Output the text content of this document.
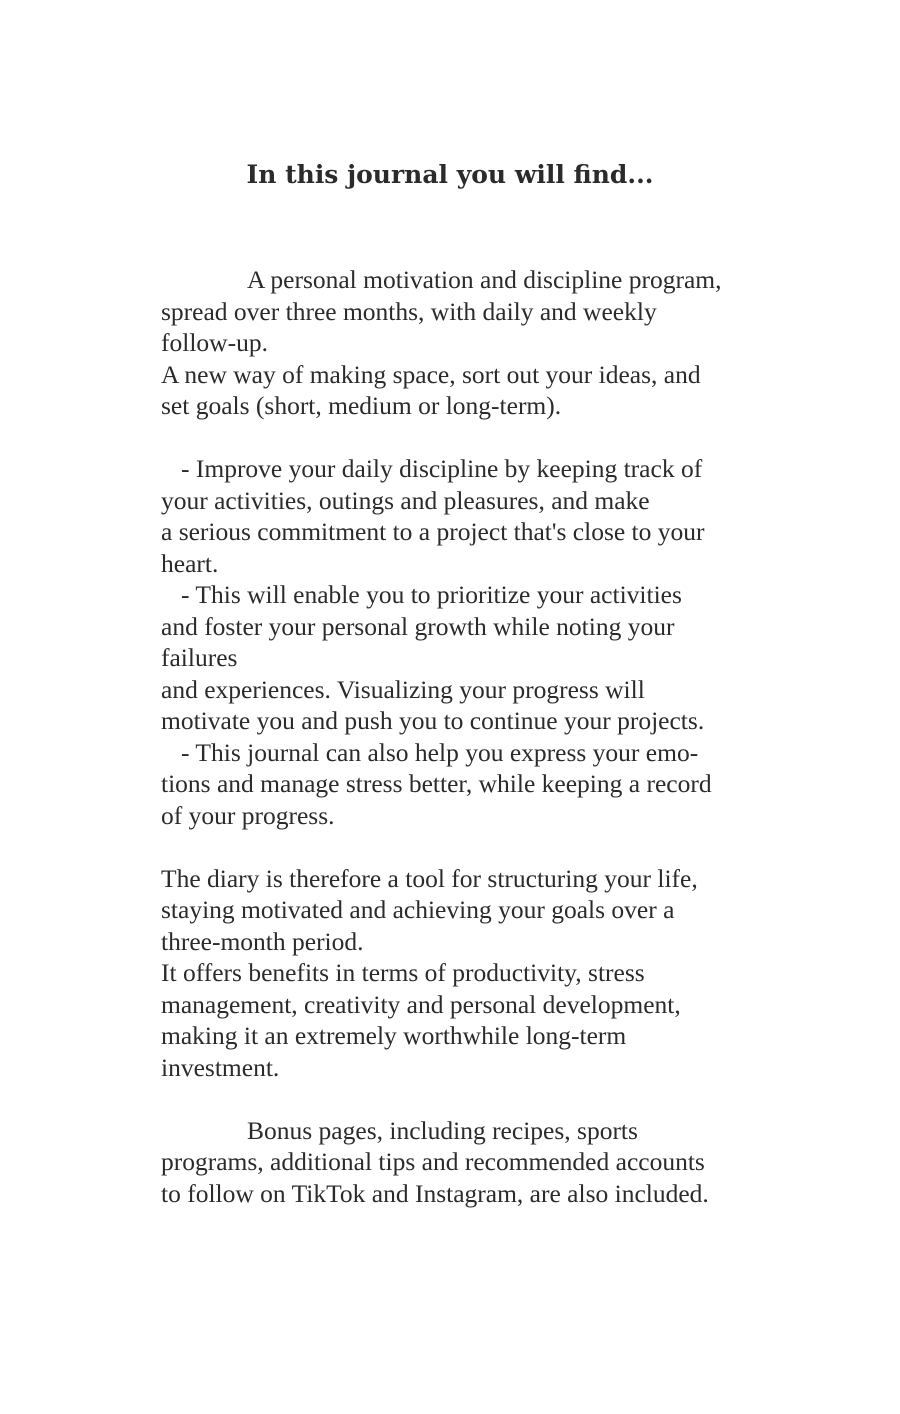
In this journal you will find...
A personal motivation and discipline program,
spread over three months, with daily and weekly
follow-up.
A new way of making space, sort out your ideas, and
set goals (short, medium or long-term).
- Improve your daily discipline by keeping track of
your activities, outings and pleasures, and make
a serious commitment to a project that's close to your
heart.
- This will enable you to prioritize your activities
and foster your personal growth while noting your
failures
and experiences. Visualizing your progress will
motivate you and push you to continue your projects.
- This journal can also help you express your emo-
tions and manage stress better, while keeping a record
of your progress.
The diary is therefore a tool for structuring your life,
staying motivated and achieving your goals over a
three-month period.
It offers benefits in terms of productivity, stress
management, creativity and personal development,
making it an extremely worthwhile long-term
investment.
Bonus pages, including recipes, sports
programs, additional tips and recommended accounts
to follow on TikTok and Instagram, are also included.
